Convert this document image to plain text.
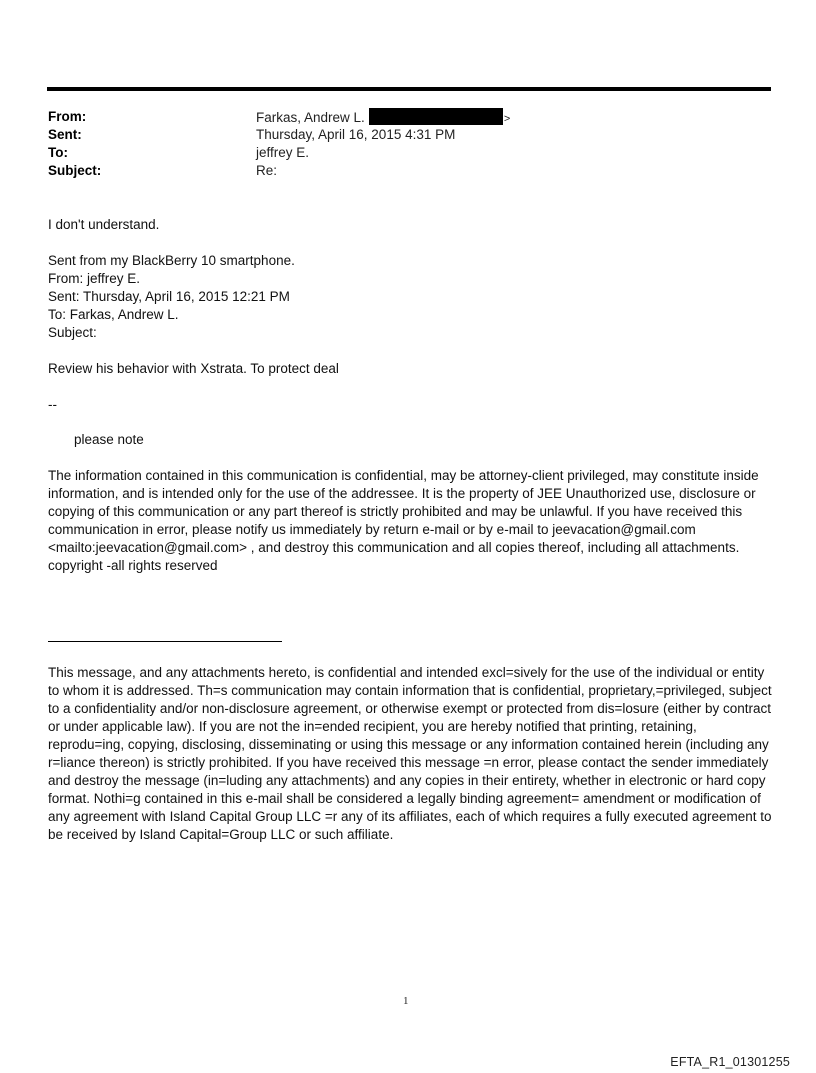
From:	Farkas, Andrew L.	>
Sent:	Thursday, April 16, 2015 4:31 PM
To:	jeffrey E.
Subject:	Re:
I don't understand.

Sent from my BlackBerry 10 smartphone.

From: jeffrey E.

Sent: Thursday, April 16, 2015 12:21 PM

To: Farkas, Andrew L.

Subject:

Review his behavior with Xstrata. To protect deal
--
please note
The information contained in this communication is confidential, may be attorney-client privileged, may constitute inside information, and is intended only for the use of the addressee. It is the property of JEE Unauthorized use, disclosure or copying of this communication or any part thereof is strictly prohibited and may be unlawful. If you have received this communication in error, please notify us immediately by return e-mail or by e-mail to jeevacation@gmail.com <mailto:jeevacation@gmail.com> , and destroy this communication and all copies thereof, including all attachments. copyright -all rights reserved
This message, and any attachments hereto, is confidential and intended excl=sively for the use of the individual or entity to whom it is addressed. Th=s communication may contain information that is confidential, proprietary,=privileged, subject to a confidentiality and/or non-disclosure agreement, or otherwise exempt or protected from dis=losure (either by contract or under applicable law). If you are not the in=ended recipient, you are hereby notified that printing, retaining, reprodu=ing, copying, disclosing, disseminating or using this message or any information contained herein (including any r=liance thereon) is strictly prohibited. If you have received this message =n error, please contact the sender immediately and destroy the message (in=luding any attachments) and any copies in their entirety, whether in electronic or hard copy format. Nothi=g contained in this e-mail shall be considered a legally binding agreement= amendment or modification of any agreement with Island Capital Group LLC =r any of its affiliates, each of which requires a fully executed agreement to be received by Island Capital=Group LLC or such affiliate.
1
EFTA_R1_01301255
